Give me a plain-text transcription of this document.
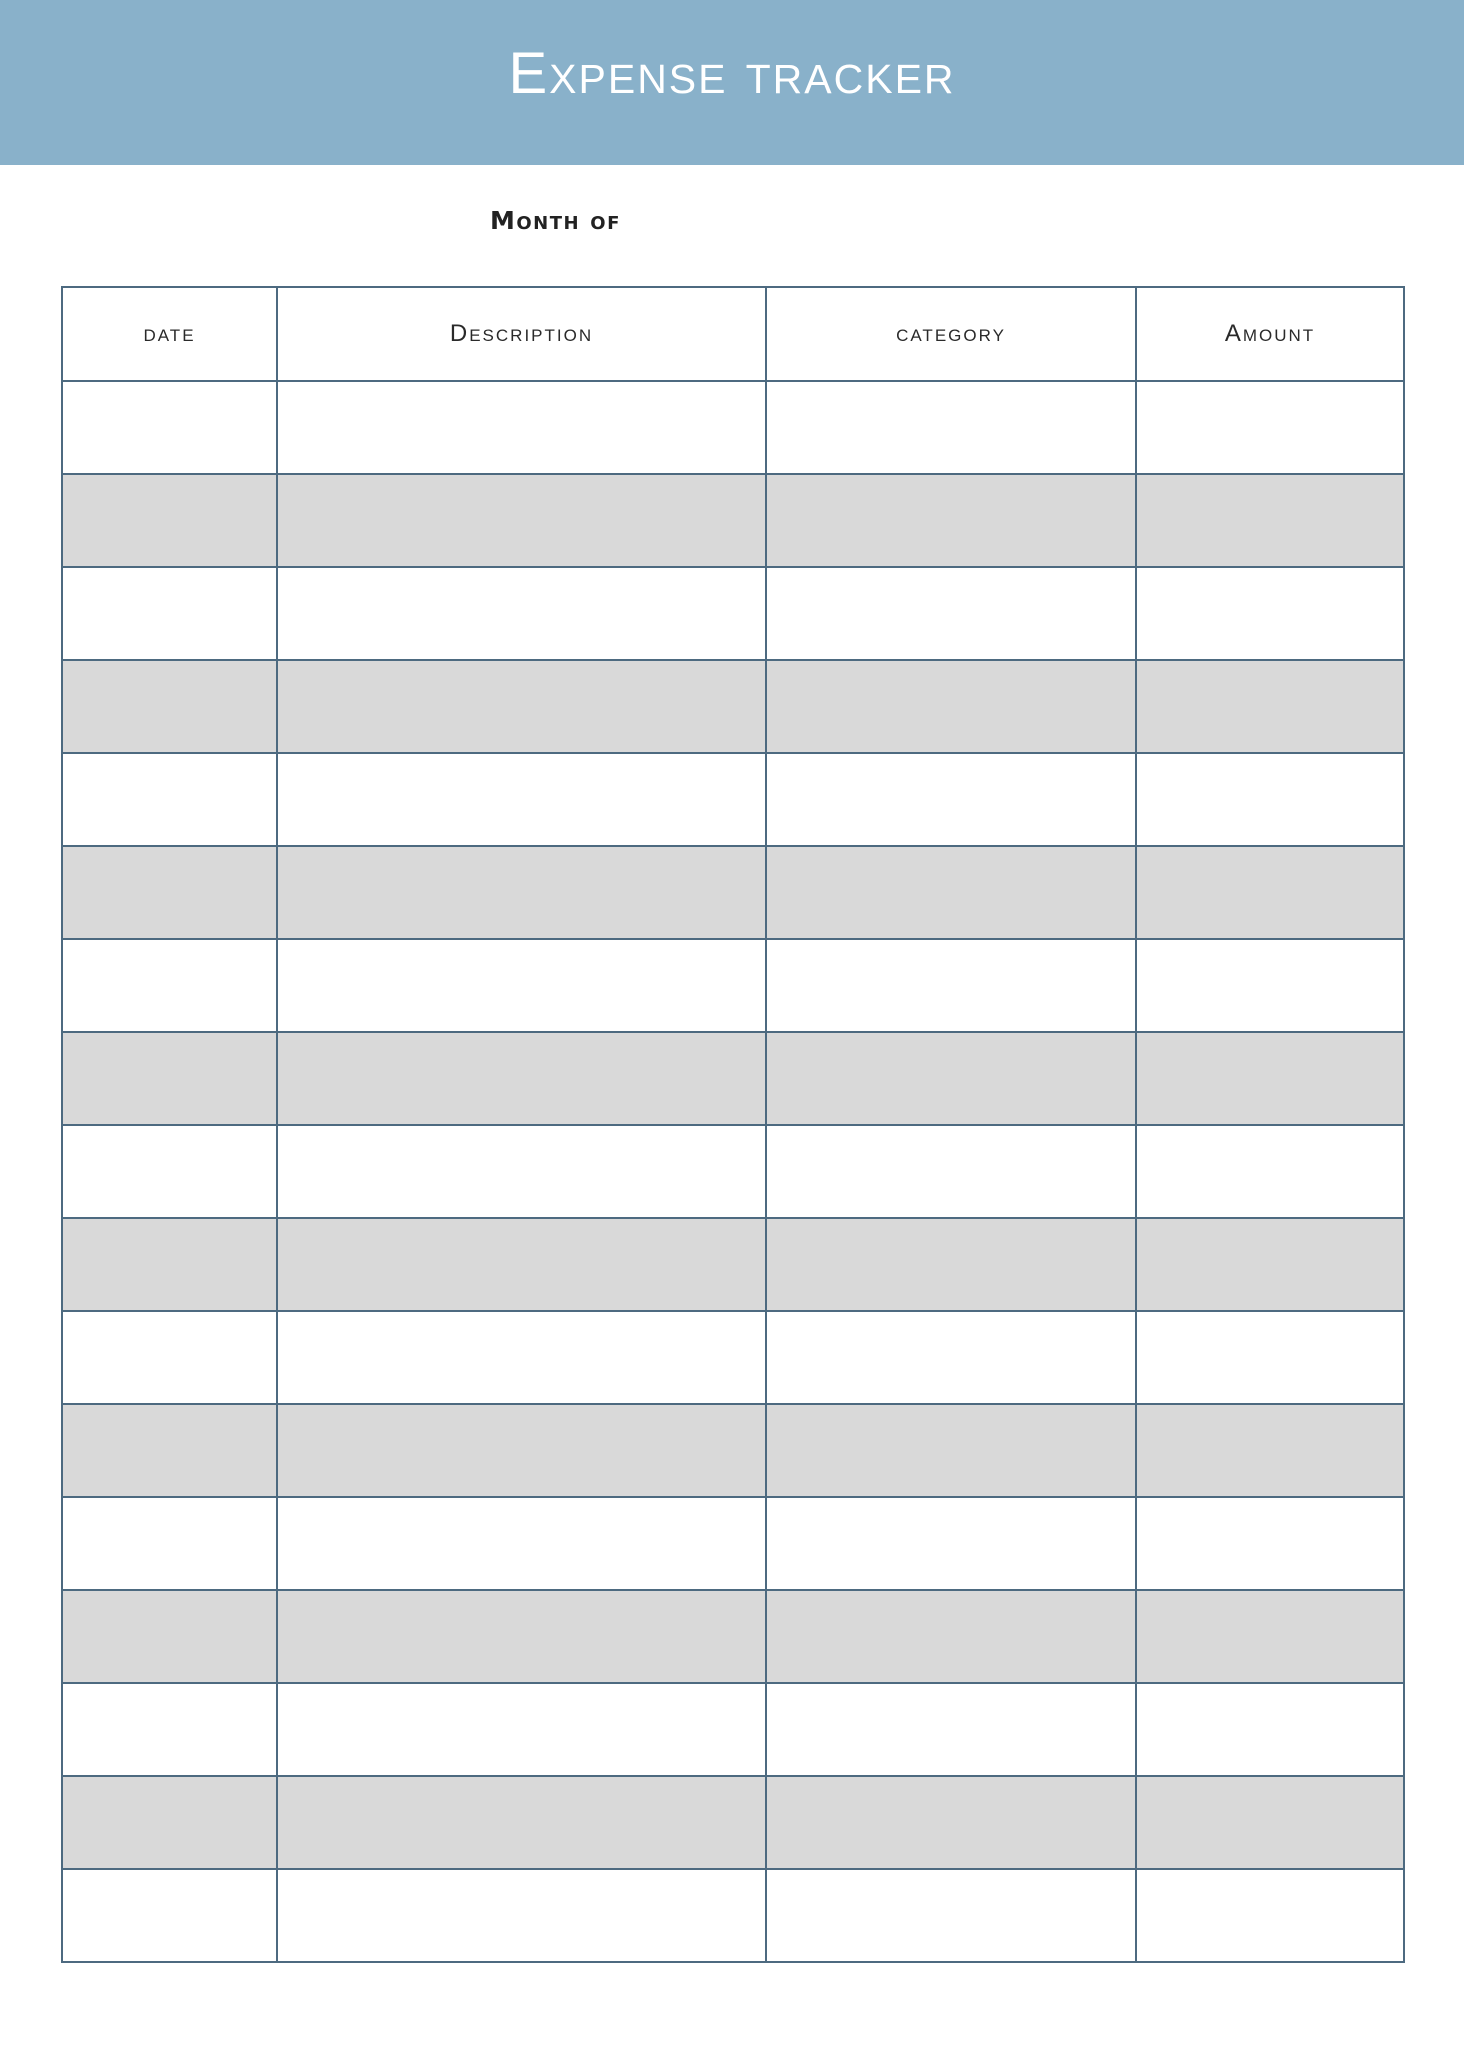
Expense tracker
Month of
date	Description	category	Amount
